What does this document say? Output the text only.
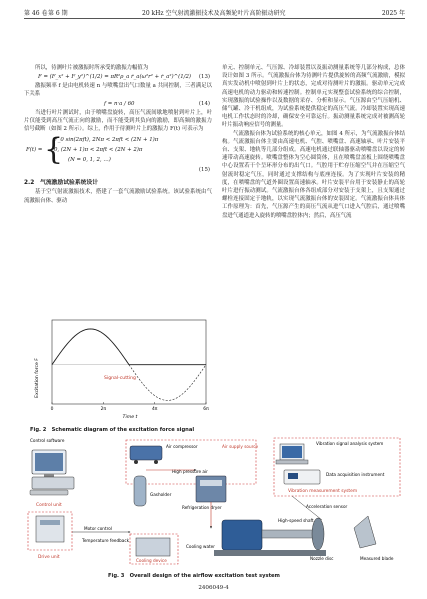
第 46 卷 第 6 期	20 kHz 空气射流激振技术及高频轮叶片高阶振动研究	2025 年

所以，待测叶片被激振时所承受的激振力幅值为

F = (F_x² + F_y²)^(1/2) = πR²ρ_a ṙ_a(ω²r² + ṙ_a²)^(1/2) (13)

激振频率 f 是由电机转速 n 与喷嘴盘出气口数量 a 共同控制，三者满足以下关系

f = n·a / 60	(14)

当进行叶片测试时，由于喷嘴盘旋转，高压气流间歇地喷射到叶片上，叶片仅能受到高压气流正向的激励，而不能受到其负向的激励，即高频的激振力信号截断（如图 2 所示）。综上，作用于待测叶片上的激振力 F(t) 可表示为

F(t) = {
F_0 sin(2πft), 2Nπ < 2πft < (2N + 1)π
0, (2N + 1)π < 2πft < (2N + 2)π
(N = 0, 1, 2, …)
(15)
2.2　气流激励试验系统设计

基于空气射流激振技术，搭建了一套气流激励试验系统。该试验系统由气流激振台体、驱动

单元、控制单元、气压源、冷却装置以及振动测量系统等几部分构成，总体设计如图 3 所示。气流激振台体为待测叶片提供旋转的高频气流激励，模拟真实发动机中喷射到叶片上的状态，完成对待测叶片的激振。驱动单元完成高速电机的动力驱动和转速控制。控制单元实现整套试验系统的综合控制，实现激振的试验操作以及数据的采存、分析和显示。气压源由空气压缩机、储气罐、冷干机组成，为试验系统提供稳定的高压气流。冷却装置实现高速电机工作状态时的冷却，确保安全可靠运行。振动测量系统完成对被测高轮叶片振动响应信号的测量。

气流激振台体为试验系统的核心单元，如图 4 所示，为气流激振台体结构。气流激振台体主要由高速电机、气腔、喷嘴盘、高速轴承、叶片安装平台、支架、地轨等几部分组成。高速电机通过联轴器驱动喷嘴盘以设定的转速带动高速旋转。喷嘴盘整体为空心圆筒体，且在喷嘴盘盖板上围绕喷嘴盘中心设置若干个呈环形分布的出气口。气腔用于贮存压缩空气并在压缩空气射流时稳定气压，同时通过支撑结构与底座连接。为了实现叶片安装的精度，在喷嘴盘的气道外圈设置高速轴承。叶片安装平台用于安装静止的高轮叶片进行振动测试。气流激振台体各组成部分对安装于支架上，且支架通过螺栓连接固定于地轨，以实现气流激振台体的安装固定。气流激振台体具体工作原理为：首先，气压源产生的高压气流从进气口进入气腔后，通过喷嘴盘进气通道进入旋转的喷嘴盘腔体内；然后，高压气流

0	2π	4π	6π
Signal-cutting
Excitation force F
Time t
Fig. 2　Schematic diagram of the excitation force signal
Control software
Control unit
Air compressor	Air supply source
High pressure air
Gasholder
Refrigeration dryer
Vibration signal analysis system
Data acquisition instrument
Vibration measurement system
Drive unit
Motor control
Temperature feedback
Cooling device
Cooling water
Acceleration sensor
High-speed shaft
Nozzle disc	Measured blade
Fig. 3　Overall design of the airflow excitation test system
2406049-4
